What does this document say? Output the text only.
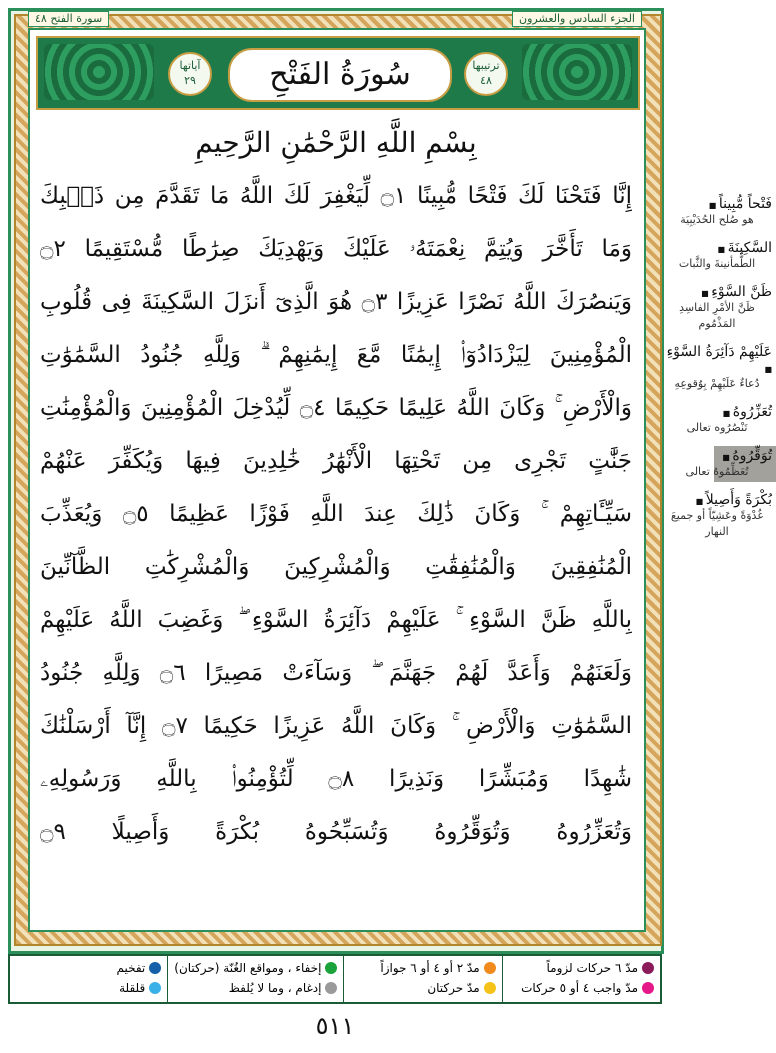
سورة الفتح ٤٨	الجزء السادس والعشرون
آياتها
٢٩	سُورَةُ الفَتْحِ	ترتيبها
٤٨
بِسْمِ اللَّهِ الرَّحْمَٰنِ الرَّحِيمِ
إِنَّا فَتَحْنَا لَكَ فَتْحًا مُّبِينًا ۝١ لِّيَغْفِرَ لَكَ اللَّهُ مَا تَقَدَّمَ مِن ذَنۢبِكَ
وَمَا تَأَخَّرَ وَيُتِمَّ نِعْمَتَهُۥ عَلَيْكَ وَيَهْدِيَكَ صِرَٰطًا مُّسْتَقِيمًا ۝٢
وَيَنصُرَكَ اللَّهُ نَصْرًا عَزِيزًا ۝٣ هُوَ الَّذِىٓ أَنزَلَ السَّكِينَةَ فِى قُلُوبِ
الْمُؤْمِنِينَ لِيَزْدَادُوٓا۟ إِيمَٰنًا مَّعَ إِيمَٰنِهِمْ ۗ وَلِلَّهِ جُنُودُ السَّمَٰوَٰتِ
وَالْأَرْضِ ۚ وَكَانَ اللَّهُ عَلِيمًا حَكِيمًا ۝٤ لِّيُدْخِلَ الْمُؤْمِنِينَ وَالْمُؤْمِنَٰتِ
جَنَّٰتٍ تَجْرِى مِن تَحْتِهَا الْأَنْهَٰرُ خَٰلِدِينَ فِيهَا وَيُكَفِّرَ عَنْهُمْ
سَيِّـَٔاتِهِمْ ۚ وَكَانَ ذَٰلِكَ عِندَ اللَّهِ فَوْزًا عَظِيمًا ۝٥ وَيُعَذِّبَ
الْمُنَٰفِقِينَ وَالْمُنَٰفِقَٰتِ وَالْمُشْرِكِينَ وَالْمُشْرِكَٰتِ الظَّآنِّينَ
بِاللَّهِ ظَنَّ السَّوْءِ ۚ عَلَيْهِمْ دَآئِرَةُ السَّوْءِ ۖ وَغَضِبَ اللَّهُ عَلَيْهِمْ
وَلَعَنَهُمْ وَأَعَدَّ لَهُمْ جَهَنَّمَ ۖ وَسَآءَتْ مَصِيرًا ۝٦ وَلِلَّهِ جُنُودُ
السَّمَٰوَٰتِ وَالْأَرْضِ ۚ وَكَانَ اللَّهُ عَزِيزًا حَكِيمًا ۝٧ إِنَّآ أَرْسَلْنَٰكَ
شَٰهِدًا وَمُبَشِّرًا وَنَذِيرًا ۝٨ لِّتُؤْمِنُوا۟ بِاللَّهِ وَرَسُولِهِۦ
وَتُعَزِّرُوهُ وَتُوَقِّرُوهُ وَتُسَبِّحُوهُ بُكْرَةً وَأَصِيلًا ۝٩
فَتْحاً مُّبِيناً ■
هو صُلح الحُدَيْبِيَة
السَّكِينَةَ ■
الطُّمأنينةَ والثَّبات
ظَنَّ السَّوْءِ ■
ظَنَّ الأمْرِ الفاسِدِ المَذْمُوم
عَلَيْهِمْ دَآئِرَةُ السَّوْءِ ■
دُعاءٌ عَلَيْهِمْ بِوُقوعِهِ
تُعَزِّرُوهُ ■
تَنْصُرُوه تعالى
تُوَقِّرُوهُ ■
تُعَظِّمُوهُ تعالى
بُكْرَةً وَأَصِيلاً ■
غُدْوَةً وعَشِيّاً أو جميعَ النهار
مدّ ٦ حركات لزوماً
مدّ واجب ٤ أو ٥ حركات
مدّ ٢ أو ٤ أو ٦ جوازاً
مدّ حركتان
إخفاء ، ومواقع الغُنّة (حركتان)
إدغام ، وما لا يُلفظ
تفخيم
قلقلة
٥١١
